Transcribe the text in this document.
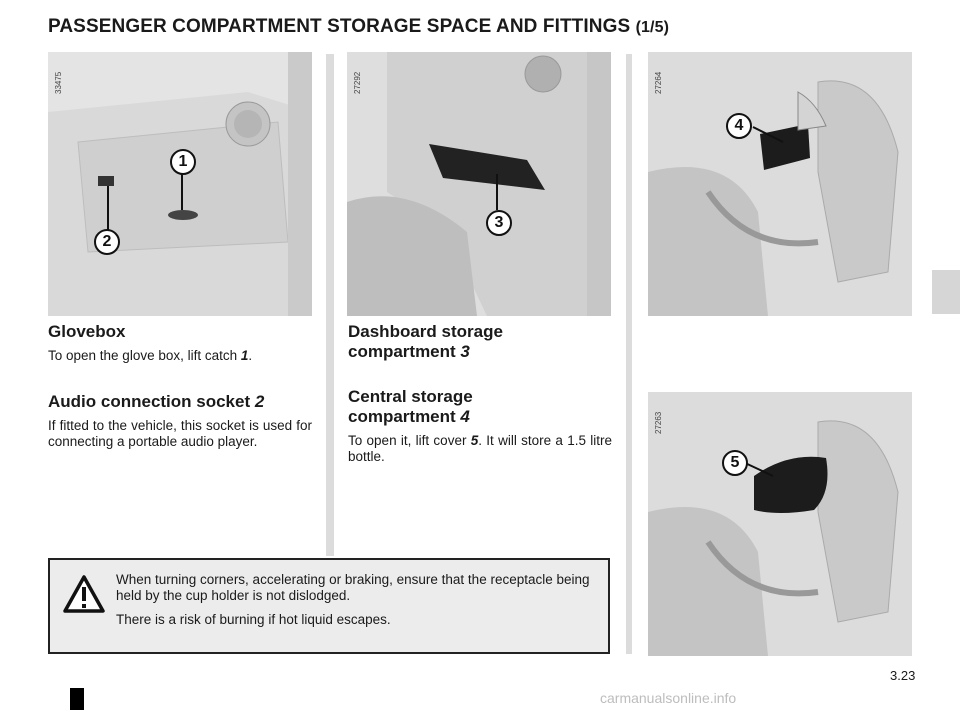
PASSENGER COMPARTMENT STORAGE SPACE AND FITTINGS (1/5)
33475
1
2
27292
3
27264
4
27263
5
Glovebox

To open the glove box, lift catch 1.

Audio connection socket 2

If fitted to the vehicle, this socket is used for connecting a portable audio player.

Dashboard storage
compartment 3
Central storage
compartment 4

To open it, lift cover 5. It will store a 1.5 litre bottle.

When turning corners, accelerating or braking, ensure that the receptacle being held by the cup holder is not dislodged.

There is a risk of burning if hot liquid escapes.

3.23
carmanualsonline.info
